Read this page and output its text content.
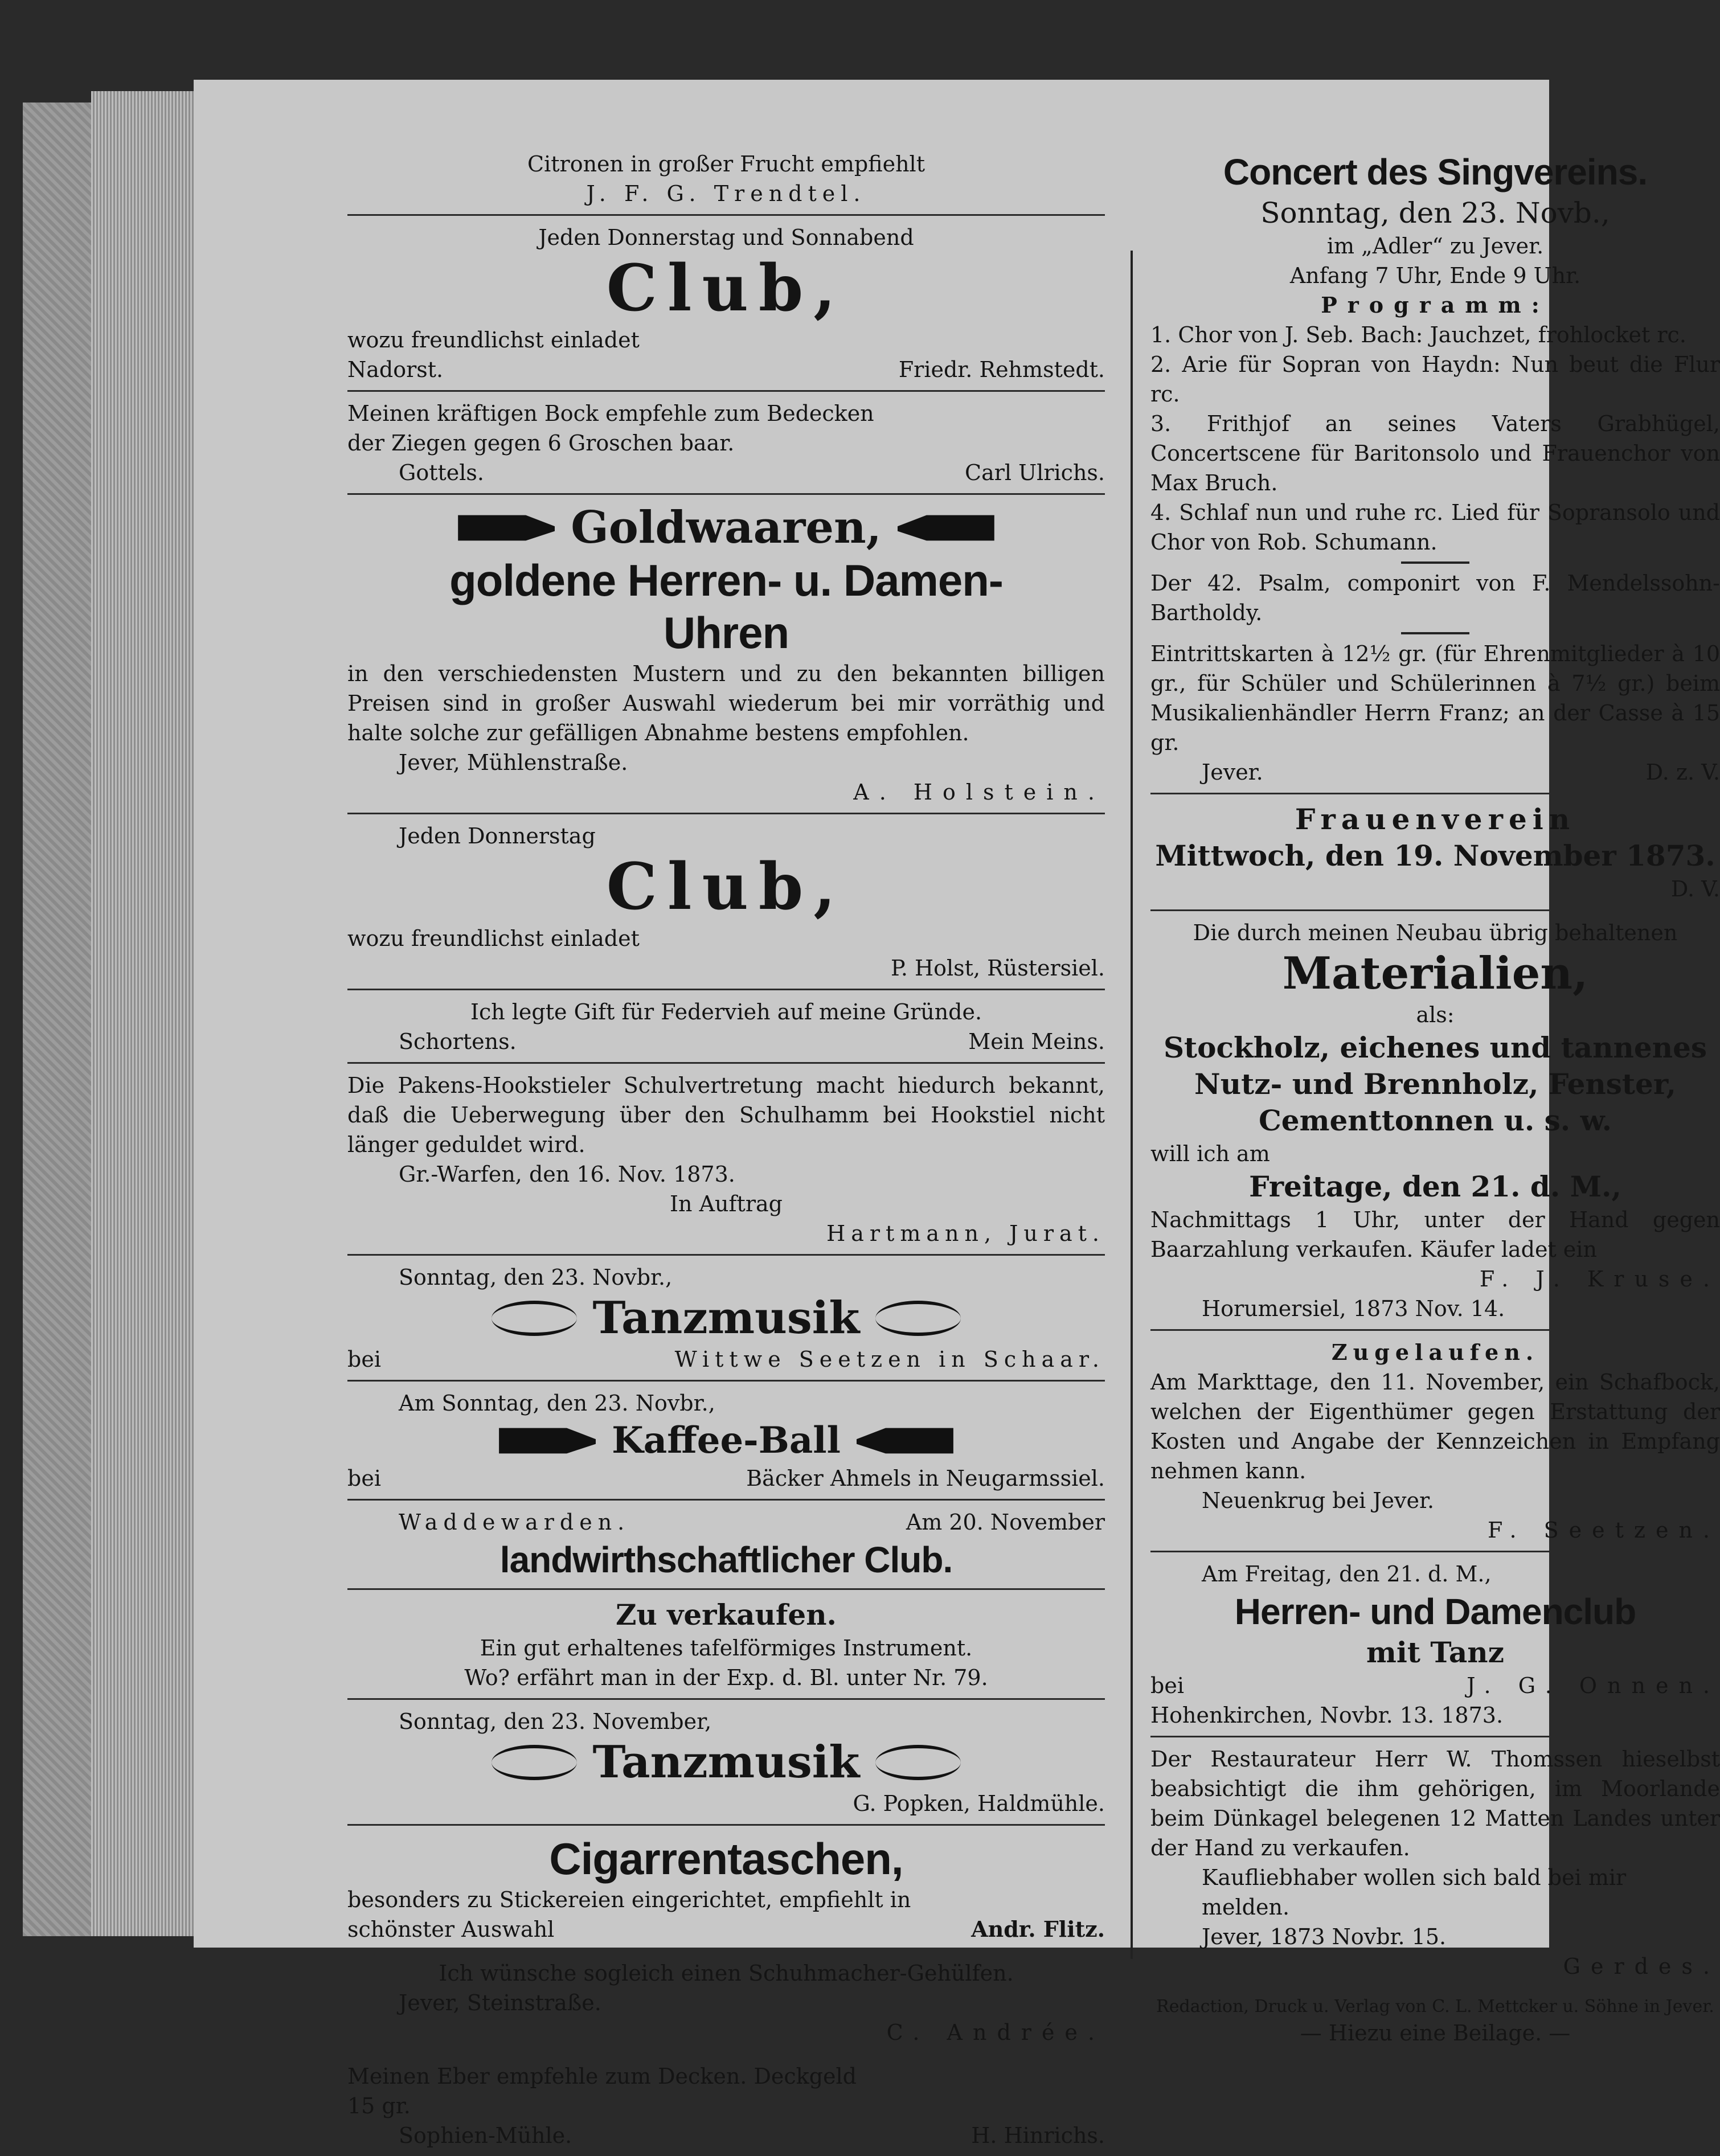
Citronen in großer Frucht empfiehlt
J. F. G. Trendtel.
Jeden Donnerstag und Sonnabend
Club,
wozu freundlichst einladet
Nadorst.	Friedr. Rehmstedt.
Meinen kräftigen Bock empfehle zum Bedecken
der Ziegen gegen 6 Groschen baar.
Gottels.	Carl Ulrichs.
Goldwaaren,
goldene Herren- u. Damen-
Uhren
in den verschiedensten Mustern und zu den bekannten billigen Preisen sind in großer Auswahl wiederum bei mir vorräthig und halte solche zur gefälligen Abnahme bestens empfohlen.
Jever, Mühlenstraße.
A. Holstein.
Jeden Donnerstag
Club,
wozu freundlichst einladet
P. Holst, Rüstersiel.
Ich legte Gift für Federvieh auf meine Gründe.
Schortens.	Mein Meins.
Die Pakens-Hookstieler Schulvertretung macht hiedurch bekannt, daß die Ueberwegung über den Schulhamm bei Hookstiel nicht länger geduldet wird.
Gr.-Warfen, den 16. Nov. 1873.
In Auftrag
Hartmann, Jurat.
Sonntag, den 23. Novbr.,
Tanzmusik
bei	Wittwe Seetzen in Schaar.
Am Sonntag, den 23. Novbr.,
Kaffee-Ball
bei	Bäcker Ahmels in Neugarmssiel.
Waddewarden.	Am 20. November
landwirthschaftlicher Club.
Zu verkaufen.
Ein gut erhaltenes tafelförmiges Instrument.
Wo? erfährt man in der Exp. d. Bl. unter Nr. 79.
Sonntag, den 23. November,
Tanzmusik
G. Popken, Haldmühle.
Cigarrentaschen,
besonders zu Stickereien eingerichtet, empfiehlt in
schönster Auswahl	Andr. Flitz.
Ich wünsche sogleich einen Schuhmacher-Gehülfen.
Jever, Steinstraße.
C. Andrée.
Meinen Eber empfehle zum Decken. Deckgeld
15 gr.
Sophien-Mühle.	H. Hinrichs.
Concert des Singvereins.
Sonntag, den 23. Novb.,
im „Adler“ zu Jever.
Anfang 7 Uhr, Ende 9 Uhr.
Programm:
1. Chor von J. Seb. Bach: Jauchzet, frohlocket rc.
2. Arie für Sopran von Haydn: Nun beut die Flur rc.
3. Frithjof an seines Vaters Grabhügel, Concertscene für Baritonsolo und Frauenchor von Max Bruch.
4. Schlaf nun und ruhe rc. Lied für Sopransolo und Chor von Rob. Schumann.
Der 42. Psalm, componirt von F. Mendelssohn-Bartholdy.
Eintrittskarten à 12½ gr. (für Ehrenmitglieder à 10 gr., für Schüler und Schülerinnen à 7½ gr.) beim Musikalienhändler Herrn Franz; an der Casse à 15 gr.
Jever.	D. z. V.
Frauenverein
Mittwoch, den 19. November 1873.
D. V.
Die durch meinen Neubau übrig behaltenen
Materialien,
als:
Stockholz, eichenes und tannenes
Nutz- und Brennholz, Fenster,
Cementtonnen u. s. w.
will ich am
Freitage, den 21. d. M.,
Nachmittags 1 Uhr, unter der Hand gegen Baarzahlung verkaufen. Käufer ladet ein
F. J. Kruse.
Horumersiel, 1873 Nov. 14.
Zugelaufen.
Am Markttage, den 11. November, ein Schafbock, welchen der Eigenthümer gegen Erstattung der Kosten und Angabe der Kennzeichen in Empfang nehmen kann.
Neuenkrug bei Jever.
F. Seetzen.
Am Freitag, den 21. d. M.,
Herren- und Damenclub
mit Tanz
bei	J. G. Onnen.
Hohenkirchen, Novbr. 13. 1873.
Der Restaurateur Herr W. Thomssen hieselbst beabsichtigt die ihm gehörigen, im Moorlande beim Dünkagel belegenen 12 Matten Landes unter der Hand zu verkaufen.
Kaufliebhaber wollen sich bald bei mir melden.
Jever, 1873 Novbr. 15.
Gerdes.
Redaction, Druck u. Verlag von C. L. Mettcker u. Söhne in Jever.
— Hiezu eine Beilage. —
